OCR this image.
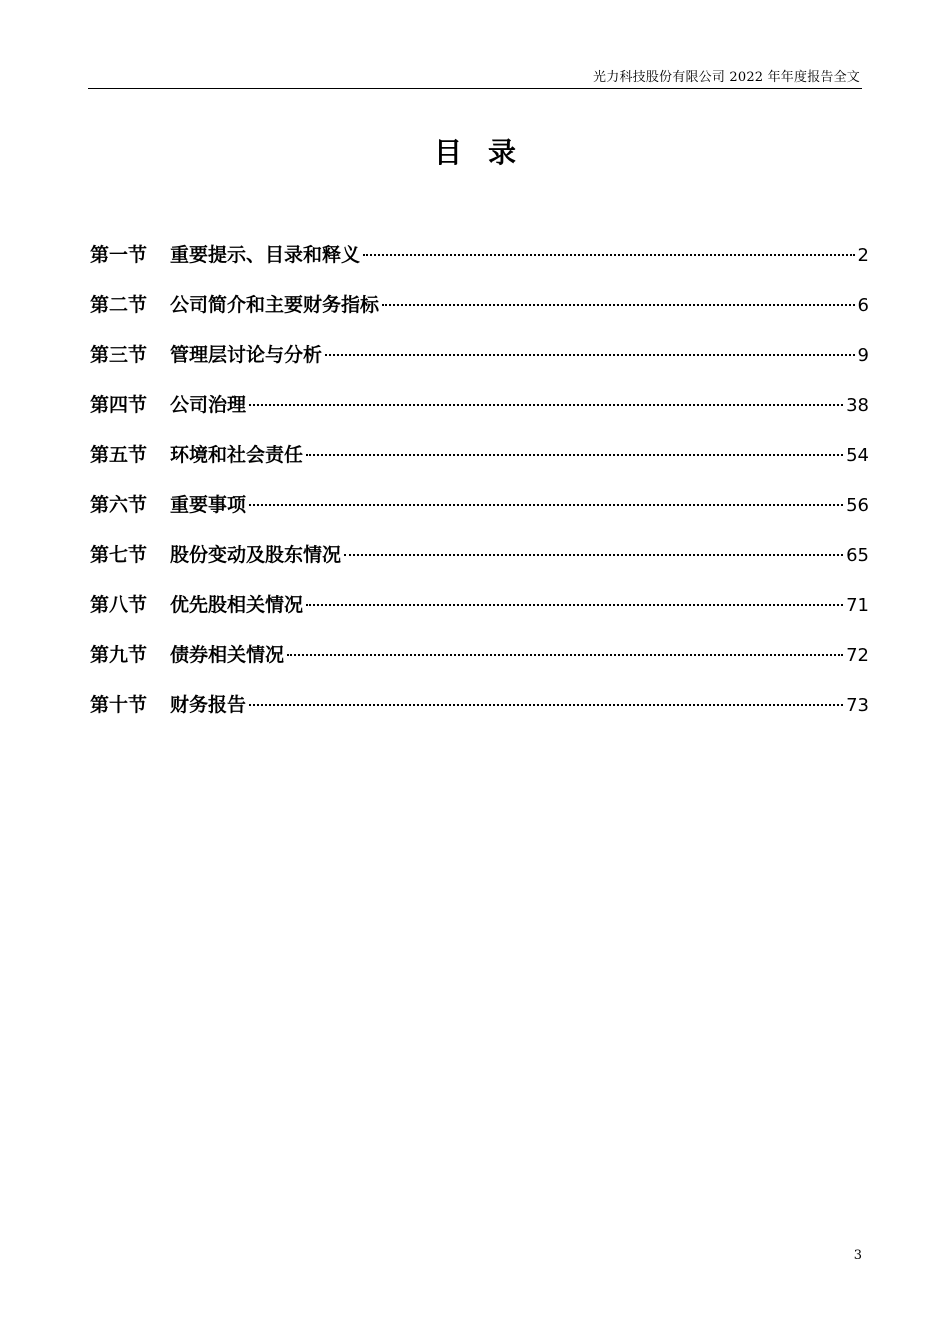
光力科技股份有限公司 2022 年年度报告全文
目录
第一节	重要提示、目录和释义	2
第二节	公司简介和主要财务指标	6
第三节	管理层讨论与分析	9
第四节	公司治理	38
第五节	环境和社会责任	54
第六节	重要事项	56
第七节	股份变动及股东情况	65
第八节	优先股相关情况	71
第九节	债券相关情况	72
第十节	财务报告	73
3
